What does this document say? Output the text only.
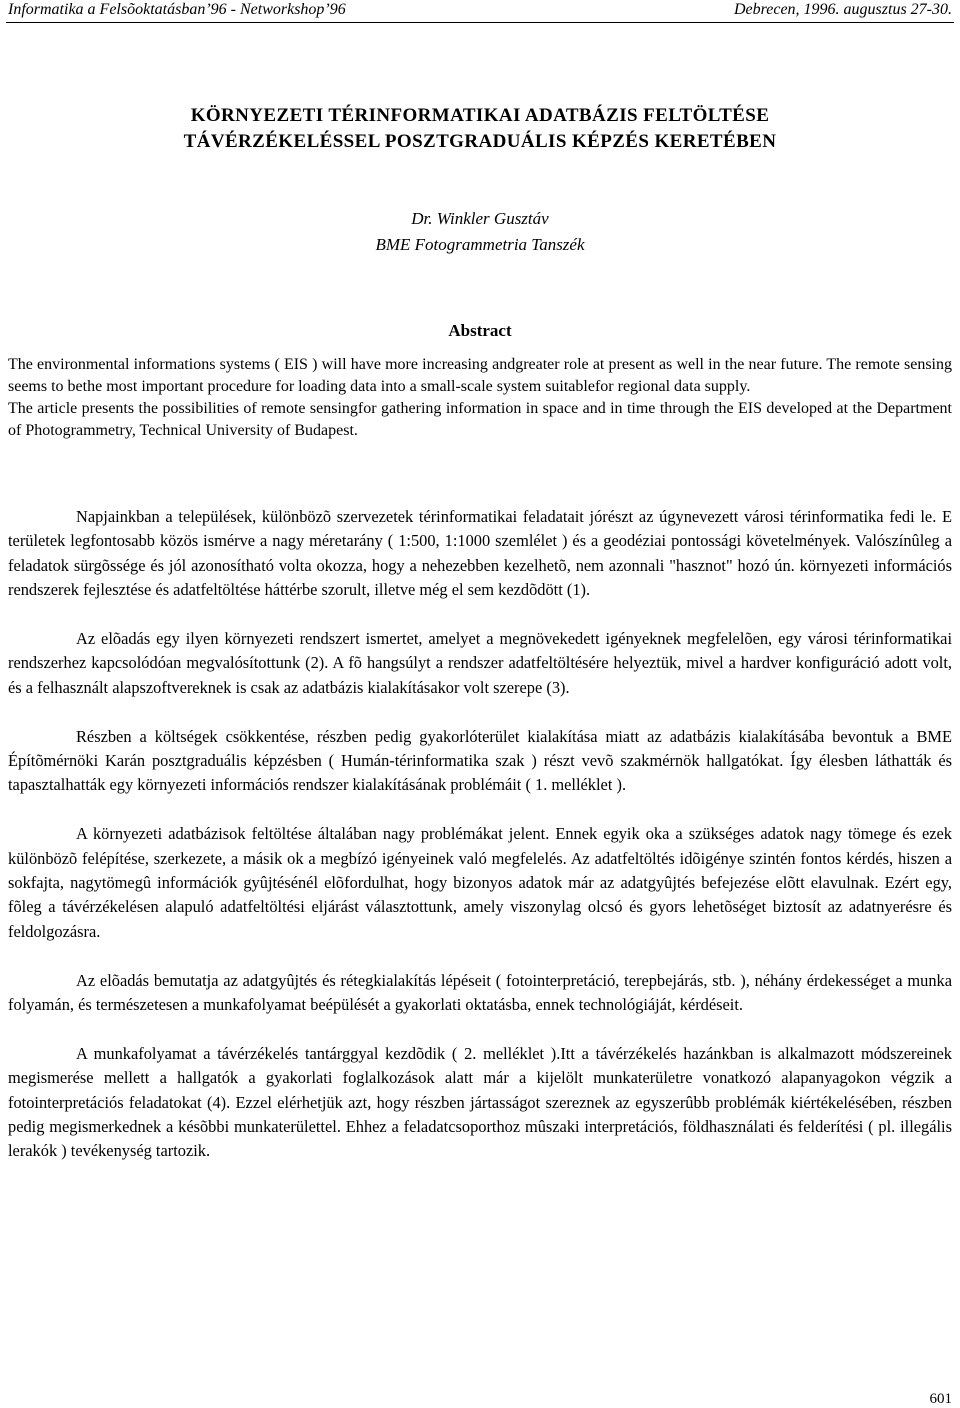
Informatika a Felsõoktatásban’96 - Networkshop’96	Debrecen, 1996. augusztus 27-30.
KÖRNYEZETI TÉRINFORMATIKAI ADATBÁZIS FELTÖLTÉSE
TÁVÉRZÉKELÉSSEL POSZTGRADUÁLIS KÉPZÉS KERETÉBEN
Dr. Winkler Gusztáv
BME Fotogrammetria Tanszék
Abstract

The environmental informations systems ( EIS ) will have more increasing andgreater role at present as well in the near future. The remote sensing seems to bethe most important procedure for loading data into a small-scale system suitablefor regional data supply.

The article presents the possibilities of remote sensingfor gathering information in space and in time through the EIS developed at the Department of Photogrammetry, Technical University of Budapest.

Napjainkban a települések, különbözõ szervezetek térinformatikai feladatait jórészt az úgynevezett városi térinformatika fedi le. E területek legfontosabb közös ismérve a nagy méretarány ( 1:500, 1:1000 szemlélet ) és a geodéziai pontossági követelmények. Valószínûleg a feladatok sürgõssége és jól azonosítható volta okozza, hogy a nehezebben kezelhetõ, nem azonnali "hasznot" hozó ún. környezeti információs rendszerek fejlesztése és adatfeltöltése háttérbe szorult, illetve még el sem kezdõdött (1).

Az elõadás egy ilyen környezeti rendszert ismertet, amelyet a megnövekedett igényeknek megfelelõen, egy városi térinformatikai rendszerhez kapcsolódóan megvalósítottunk (2). A fõ hangsúlyt a rendszer adatfeltöltésére helyeztük, mivel a hardver konfiguráció adott volt, és a felhasznált alapszoftvereknek is csak az adatbázis kialakításakor volt szerepe (3).

Részben a költségek csökkentése, részben pedig gyakorlóterület kialakítása miatt az adatbázis kialakításába bevontuk a BME Építõmérnöki Karán posztgraduális képzésben ( Humán-térinformatika szak ) részt vevõ szakmérnök hallgatókat. Így élesben láthatták és tapasztalhatták egy környezeti információs rendszer kialakításának problémáit ( 1. melléklet ).

A környezeti adatbázisok feltöltése általában nagy problémákat jelent. Ennek egyik oka a szükséges adatok nagy tömege és ezek különbözõ felépítése, szerkezete, a másik ok a megbízó igényeinek való megfelelés. Az adatfeltöltés idõigénye szintén fontos kérdés, hiszen a sokfajta, nagytömegû információk gyûjtésénél elõfordulhat, hogy bizonyos adatok már az adatgyûjtés befejezése elõtt elavulnak. Ezért egy, fõleg a távérzékelésen alapuló adatfeltöltési eljárást választottunk, amely viszonylag olcsó és gyors lehetõséget biztosít az adatnyerésre és feldolgozásra.

Az elõadás bemutatja az adatgyûjtés és rétegkialakítás lépéseit ( fotointerpretáció, terepbejárás, stb. ), néhány érdekességet a munka folyamán, és természetesen a munkafolyamat beépülését a gyakorlati oktatásba, ennek technológiáját, kérdéseit.

A munkafolyamat a távérzékelés tantárggyal kezdõdik ( 2. melléklet ).Itt a távérzékelés hazánkban is alkalmazott módszereinek megismerése mellett a hallgatók a gyakorlati foglalkozások alatt már a kijelölt munkaterületre vonatkozó alapanyagokon végzik a fotointerpretációs feladatokat (4). Ezzel elérhetjük azt, hogy részben jártasságot szereznek az egyszerûbb problémák kiértékelésében, részben pedig megismerkednek a késõbbi munkaterülettel. Ehhez a feladatcsoporthoz mûszaki interpretációs, földhasználati és felderítési ( pl. illegális lerakók ) tevékenység tartozik.

601
